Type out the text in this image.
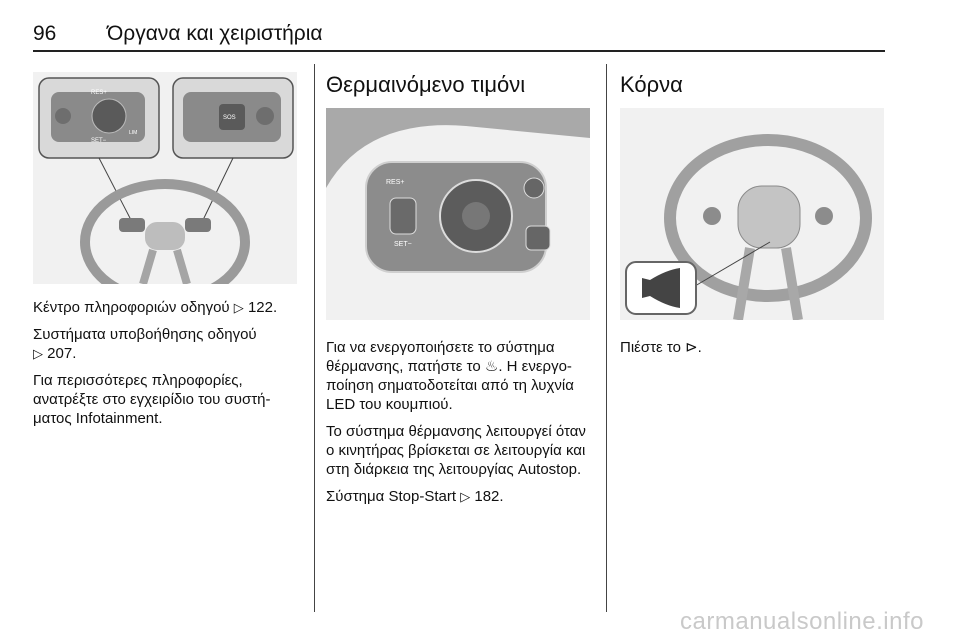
96 Όργανα και χειριστήρια
RES+
SET−
LIM
SOS

Κέντρο πληροφοριών οδηγού ▷ 122.

Συστήματα υποβοήθησης οδηγού
▷ 207.

Για περισσότερες πληροφορίες, ανατρέξτε στο εγχειρίδιο του συστή- ματος Infotainment.

Θερμαινόμενο τιμόνι
RES+
SET−

Για να ενεργοποιήσετε το σύστημα θέρμανσης, πατήστε το ♨. Η ενεργο- ποίηση σηματοδοτείται από τη λυχνία LED του κουμπιού.

Το σύστημα θέρμανσης λειτουργεί όταν ο κινητήρας βρίσκεται σε λειτουργία και στη διάρκεια της λειτουργίας Autostop.

Σύστημα Stop-Start ▷ 182.

Κόρνα

Πιέστε το ⊳.

carmanualsonline.info
